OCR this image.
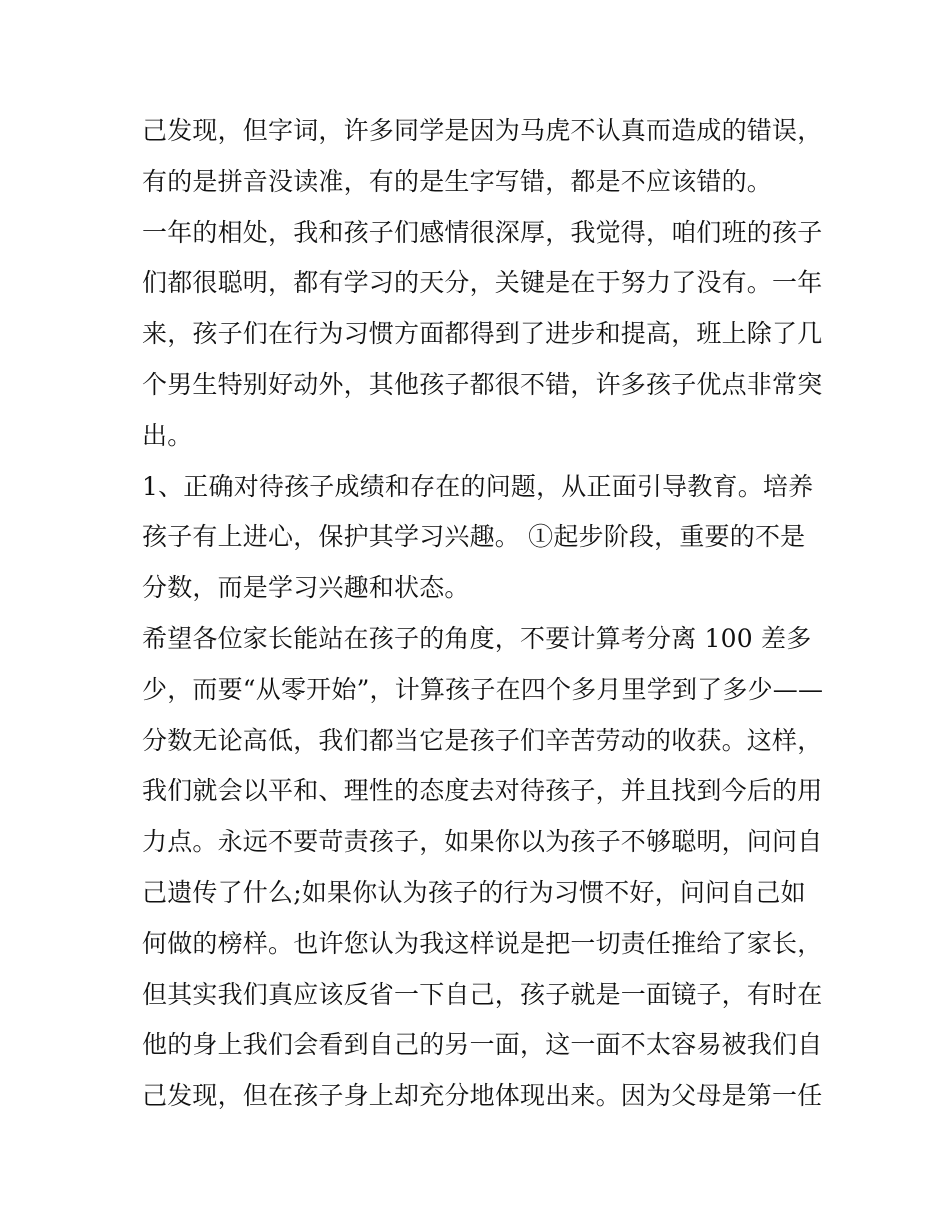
己发现，但字词，许多同学是因为马虎不认真而造成的错误，
有的是拼音没读准，有的是生字写错，都是不应该错的。
一年的相处，我和孩子们感情很深厚，我觉得，咱们班的孩子
们都很聪明，都有学习的天分，关键是在于努力了没有。一年
来，孩子们在行为习惯方面都得到了进步和提高，班上除了几
个男生特别好动外，其他孩子都很不错，许多孩子优点非常突
出。
1、正确对待孩子成绩和存在的问题，从正面引导教育。培养
孩子有上进心，保护其学习兴趣。 ①起步阶段，重要的不是
分数，而是学习兴趣和状态。
希望各位家长能站在孩子的角度，不要计算考分离 100 差多
少，而要“从零开始”，计算孩子在四个多月里学到了多少——
分数无论高低，我们都当它是孩子们辛苦劳动的收获。这样，
我们就会以平和、理性的态度去对待孩子，并且找到今后的用
力点。永远不要苛责孩子，如果你以为孩子不够聪明，问问自
己遗传了什么;如果你认为孩子的行为习惯不好，问问自己如
何做的榜样。也许您认为我这样说是把一切责任推给了家长，
但其实我们真应该反省一下自己，孩子就是一面镜子，有时在
他的身上我们会看到自己的另一面，这一面不太容易被我们自
己发现，但在孩子身上却充分地体现出来。因为父母是第一任
